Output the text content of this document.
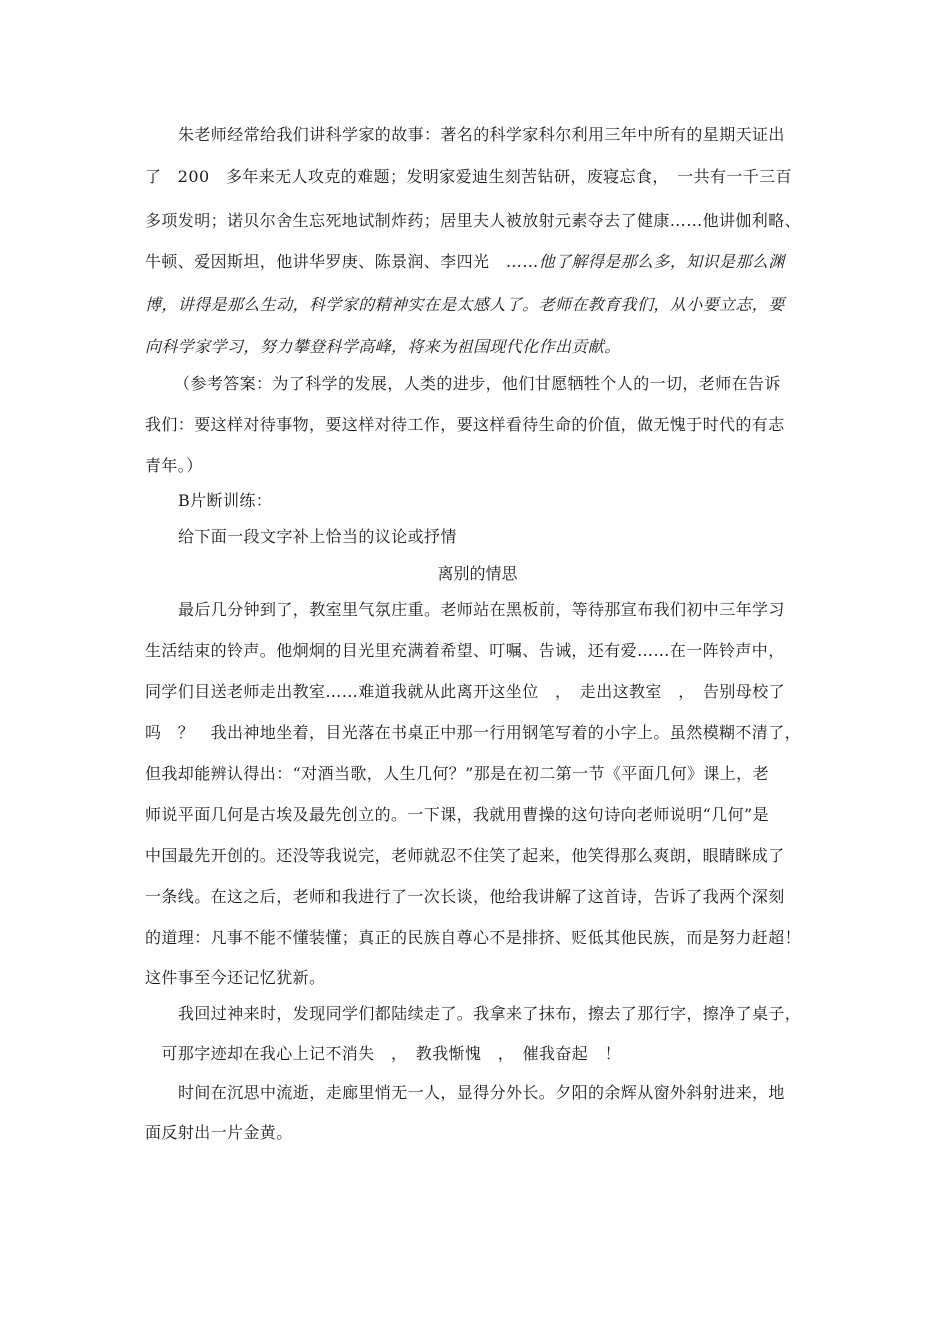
朱老师经常给我们讲科学家的故事：著名的科学家科尔利用三年中所有的星期天证出
了　200　多年来无人攻克的难题；发明家爱迪生刻苦钻研，废寝忘食，　一共有一千三百
多项发明；诺贝尔舍生忘死地试制炸药；居里夫人被放射元素夺去了健康……他讲伽利略、
牛顿、爱因斯坦，他讲华罗庚、陈景润、李四光　……他了解得是那么多，知识是那么渊
博，讲得是那么生动，科学家的精神实在是太感人了。老师在教育我们，从小要立志，要
向科学家学习，努力攀登科学高峰，将来为祖国现代化作出贡献。
（参考答案：为了科学的发展，人类的进步，他们甘愿牺牲个人的一切，老师在告诉
我们：要这样对待事物，要这样对待工作，要这样看待生命的价值，做无愧于时代的有志
青年。）
B片断训练：
给下面一段文字补上恰当的议论或抒情
离别的情思
最后几分钟到了，教室里气氛庄重。老师站在黑板前，等待那宣布我们初中三年学习
生活结束的铃声。他炯炯的目光里充满着希望、叮嘱、告诫，还有爱……在一阵铃声中，
同学们目送老师走出教室……难道我就从此离开这坐位　，　走出这教室　，　告别母校了
吗　？　我出神地坐着，目光落在书桌正中那一行用钢笔写着的小字上。虽然模糊不清了，
但我却能辨认得出：“对酒当歌，人生几何？”那是在初二第一节《平面几何》课上，老
师说平面几何是古埃及最先创立的。一下课，我就用曹操的这句诗向老师说明“几何”是
中国最先开创的。还没等我说完，老师就忍不住笑了起来，他笑得那么爽朗，眼睛眯成了
一条线。在这之后，老师和我进行了一次长谈，他给我讲解了这首诗，告诉了我两个深刻
的道理：凡事不能不懂装懂；真正的民族自尊心不是排挤、贬低其他民族，而是努力赶超！
这件事至今还记忆犹新。
我回过神来时，发现同学们都陆续走了。我拿来了抹布，擦去了那行字，擦净了桌子，
　可那字迹却在我心上记不消失　，　教我惭愧　，　催我奋起　！
时间在沉思中流逝，走廊里悄无一人，显得分外长。夕阳的余辉从窗外斜射进来，地
面反射出一片金黄。
